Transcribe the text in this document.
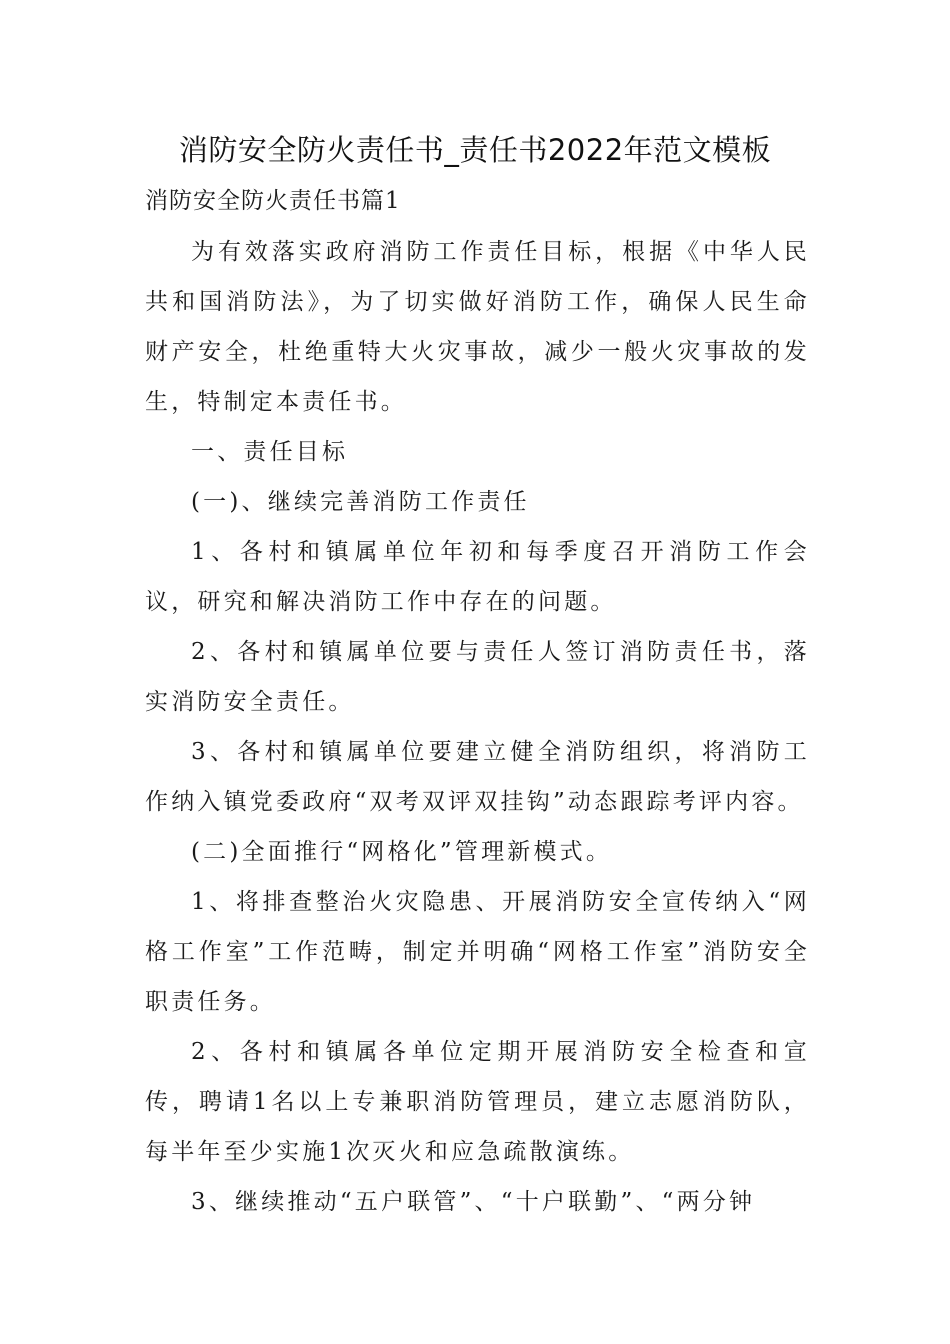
消防安全防火责任书_责任书2022年范文模板
消防安全防火责任书篇1

为有效落实政府消防工作责任目标，根据《中华人民共和国消防法》，为了切实做好消防工作，确保人民生命财产安全，杜绝重特大火灾事故，减少一般火灾事故的发生，特制定本责任书。

一、责任目标

(一)、继续完善消防工作责任

1、各村和镇属单位年初和每季度召开消防工作会议，研究和解决消防工作中存在的问题。

2、各村和镇属单位要与责任人签订消防责任书，落实消防安全责任。

3、各村和镇属单位要建立健全消防组织，将消防工作纳入镇党委政府“双考双评双挂钩”动态跟踪考评内容。

(二)全面推行“网格化”管理新模式。

1、将排查整治火灾隐患、开展消防安全宣传纳入“网格工作室”工作范畴，制定并明确“网格工作室”消防安全职责任务。

2、各村和镇属各单位定期开展消防安全检查和宣传，聘请1名以上专兼职消防管理员，建立志愿消防队，每半年至少实施1次灭火和应急疏散演练。

3、继续推动“五户联管”、“十户联勤”、“两分钟
